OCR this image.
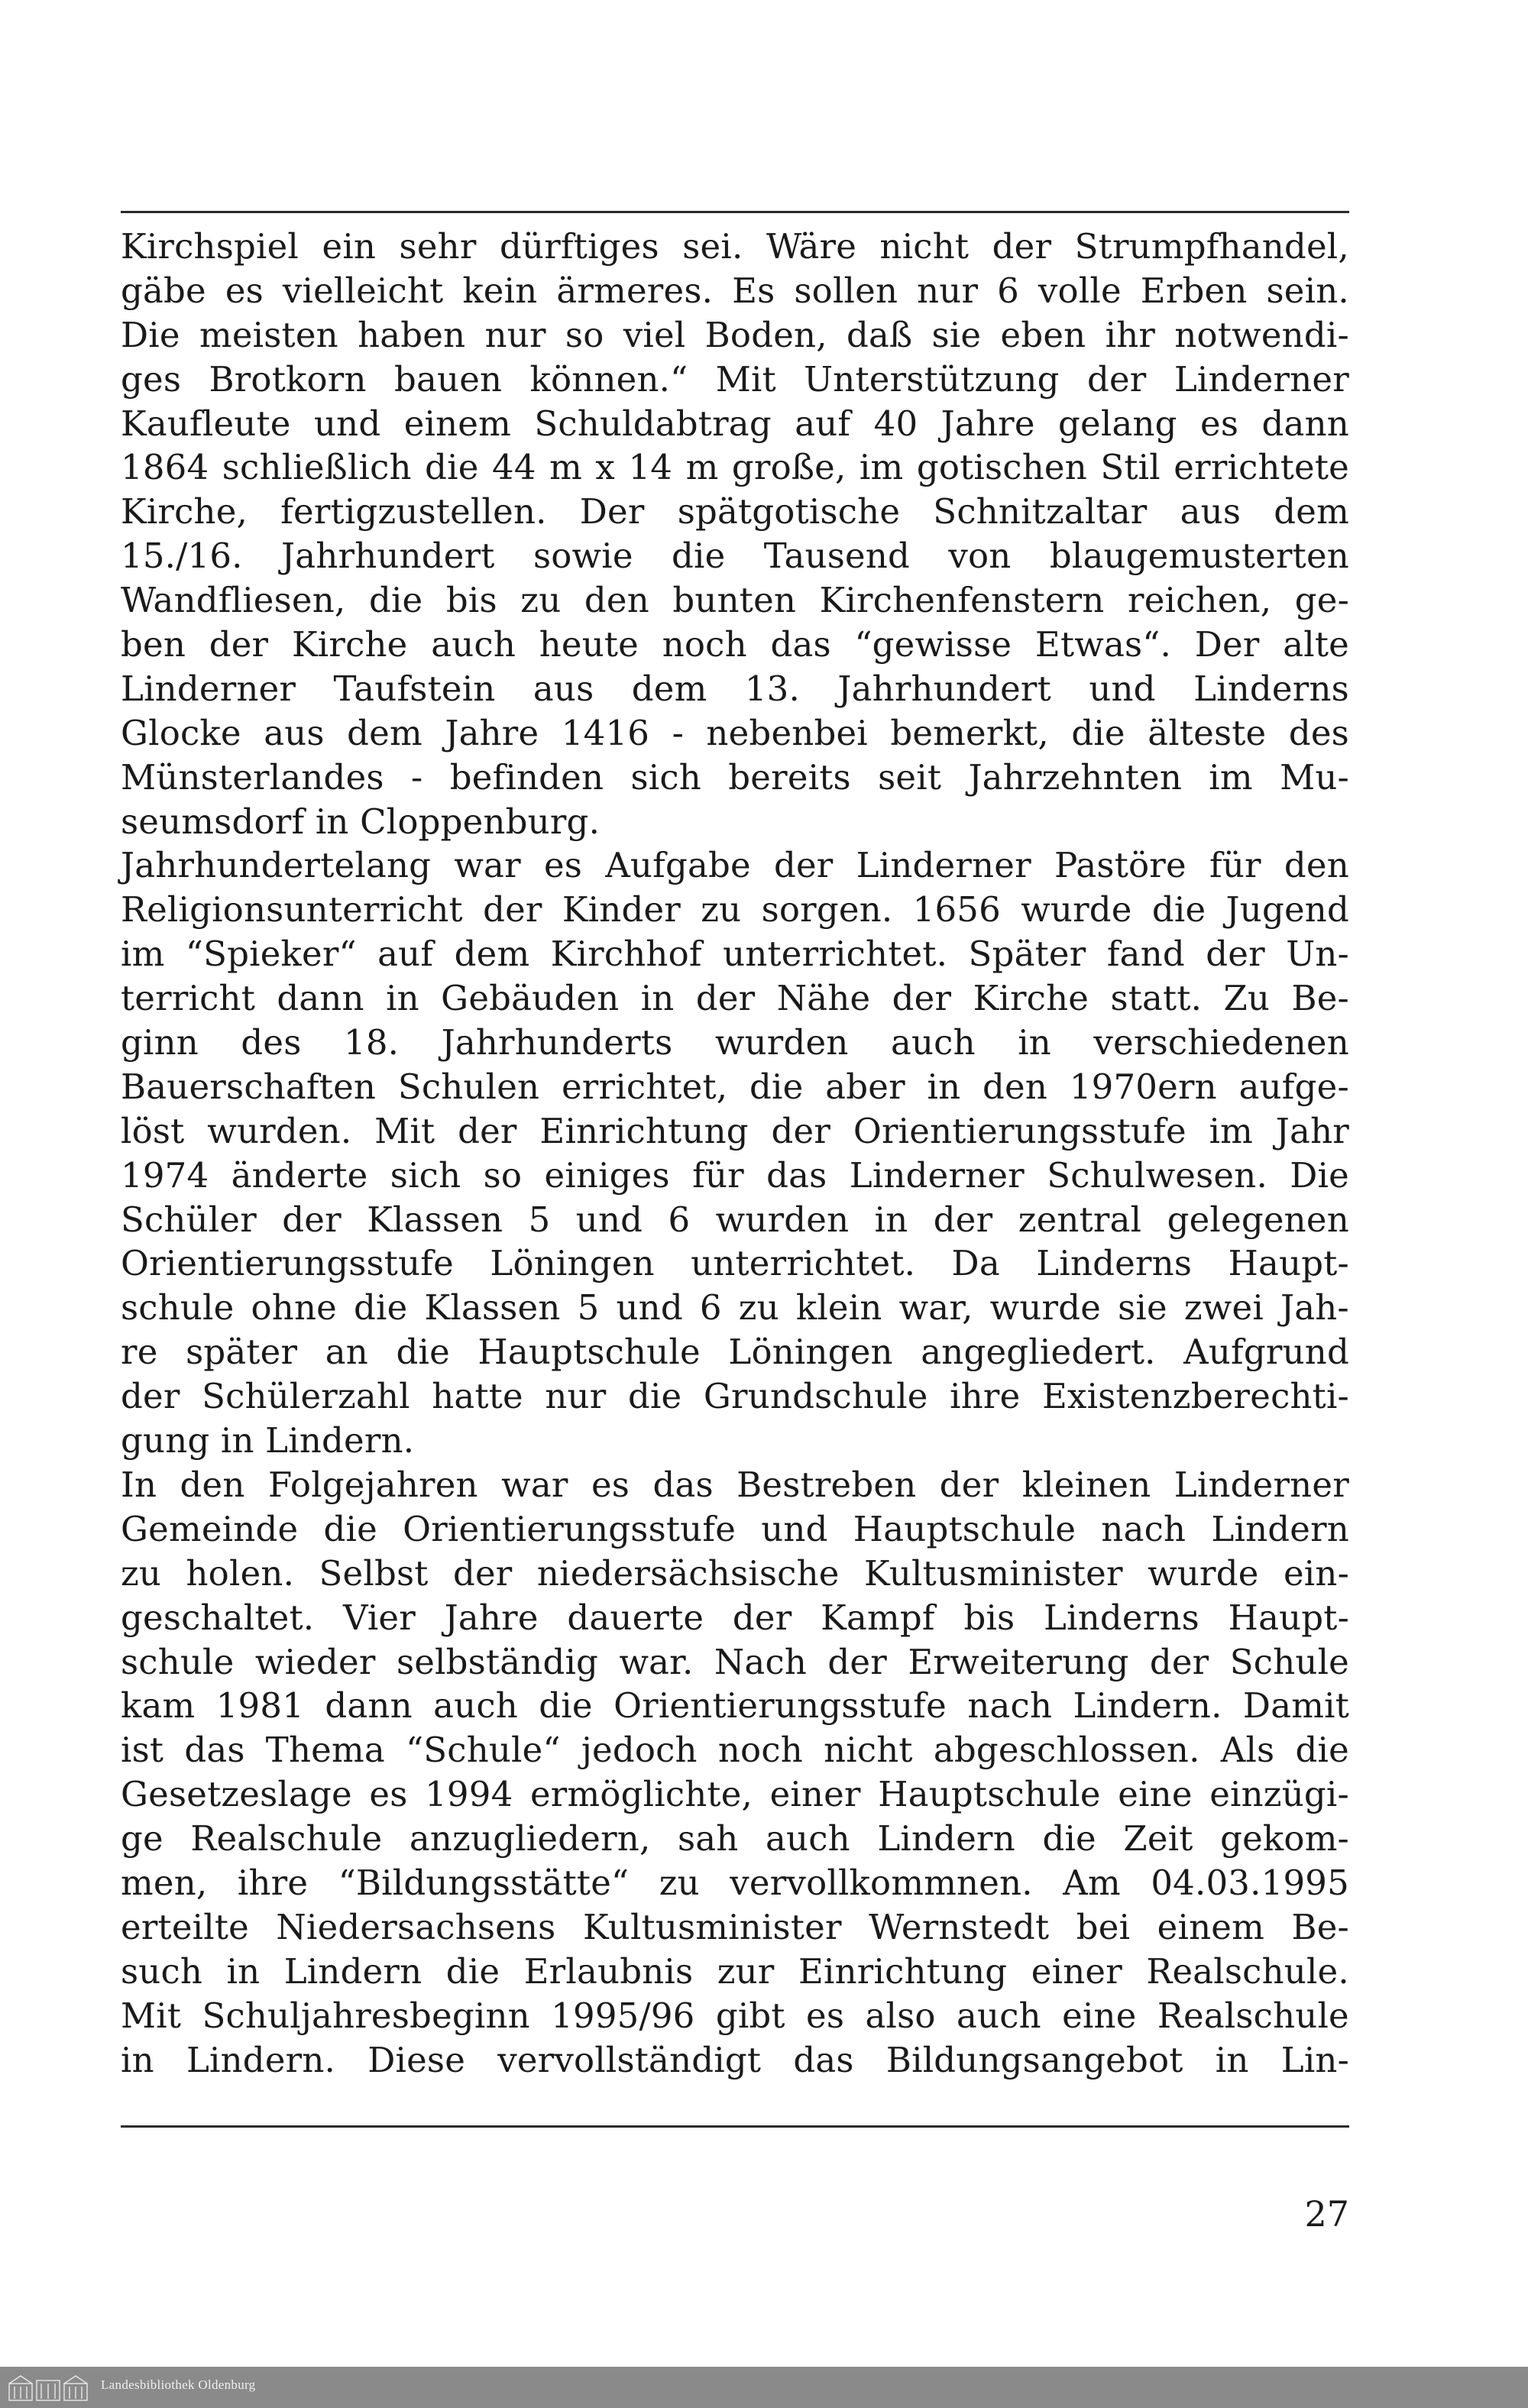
Kirchspiel ein sehr dürftiges sei. Wäre nicht der Strumpfhandel,
gäbe es vielleicht kein ärmeres. Es sollen nur 6 volle Erben sein.
Die meisten haben nur so viel Boden, daß sie eben ihr notwendi-
ges Brotkorn bauen können.“ Mit Unterstützung der Linderner
Kaufleute und einem Schuldabtrag auf 40 Jahre gelang es dann
1864 schließlich die 44 m x 14 m große, im gotischen Stil errichtete
Kirche, fertigzustellen. Der spätgotische Schnitzaltar aus dem
15./16. Jahrhundert sowie die Tausend von blaugemusterten
Wandfliesen, die bis zu den bunten Kirchenfenstern reichen, ge-
ben der Kirche auch heute noch das “gewisse Etwas“. Der alte
Linderner Taufstein aus dem 13. Jahrhundert und Linderns
Glocke aus dem Jahre 1416 - nebenbei bemerkt, die älteste des
Münsterlandes - befinden sich bereits seit Jahrzehnten im Mu-
seumsdorf in Cloppenburg.
Jahrhundertelang war es Aufgabe der Linderner Pastöre für den
Religionsunterricht der Kinder zu sorgen. 1656 wurde die Jugend
im “Spieker“ auf dem Kirchhof unterrichtet. Später fand der Un-
terricht dann in Gebäuden in der Nähe der Kirche statt. Zu Be-
ginn des 18. Jahrhunderts wurden auch in verschiedenen
Bauerschaften Schulen errichtet, die aber in den 1970ern aufge-
löst wurden. Mit der Einrichtung der Orientierungsstufe im Jahr
1974 änderte sich so einiges für das Linderner Schulwesen. Die
Schüler der Klassen 5 und 6 wurden in der zentral gelegenen
Orientierungsstufe Löningen unterrichtet. Da Linderns Haupt-
schule ohne die Klassen 5 und 6 zu klein war, wurde sie zwei Jah-
re später an die Hauptschule Löningen angegliedert. Aufgrund
der Schülerzahl hatte nur die Grundschule ihre Existenzberechti-
gung in Lindern.
In den Folgejahren war es das Bestreben der kleinen Linderner
Gemeinde die Orientierungsstufe und Hauptschule nach Lindern
zu holen. Selbst der niedersächsische Kultusminister wurde ein-
geschaltet. Vier Jahre dauerte der Kampf bis Linderns Haupt-
schule wieder selbständig war. Nach der Erweiterung der Schule
kam 1981 dann auch die Orientierungsstufe nach Lindern. Damit
ist das Thema “Schule“ jedoch noch nicht abgeschlossen. Als die
Gesetzeslage es 1994 ermöglichte, einer Hauptschule eine einzügi-
ge Realschule anzugliedern, sah auch Lindern die Zeit gekom-
men, ihre “Bildungsstätte“ zu vervollkommnen. Am 04.03.1995
erteilte Niedersachsens Kultusminister Wernstedt bei einem Be-
such in Lindern die Erlaubnis zur Einrichtung einer Realschule.
Mit Schuljahresbeginn 1995/96 gibt es also auch eine Realschule
in Lindern. Diese vervollständigt das Bildungsangebot in Lin-
27
Landesbibliothek Oldenburg
